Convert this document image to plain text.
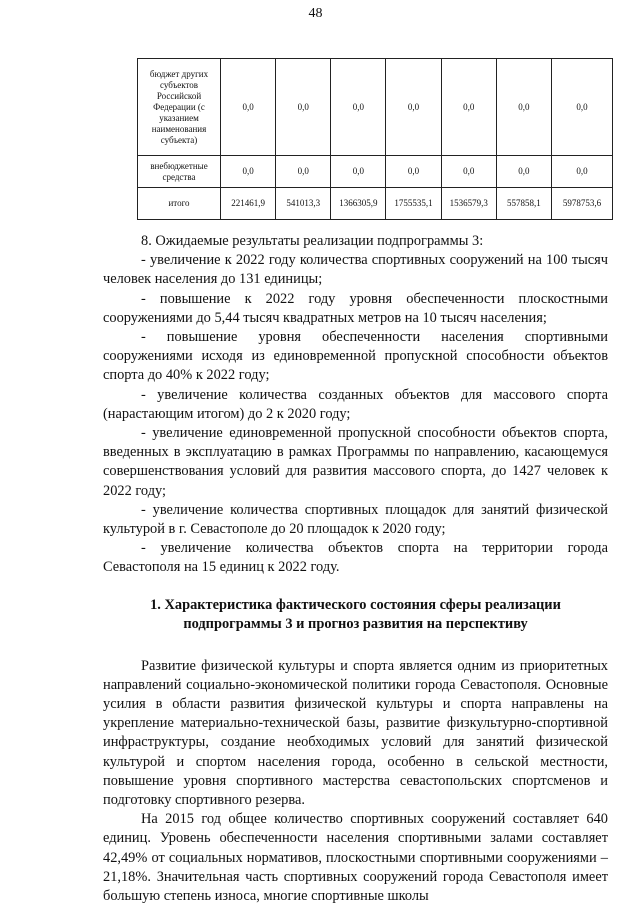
48
бюджет других субъектов Российской Федерации (с указанием наименования субъекта)	0,0	0,0	0,0	0,0	0,0	0,0	0,0
внебюджетные средства	0,0	0,0	0,0	0,0	0,0	0,0	0,0
итого	221461,9	541013,3	1366305,9	1755535,1	1536579,3	557858,1	5978753,6

8. Ожидаемые результаты реализации подпрограммы 3:

- увеличение к 2022 году количества спортивных сооружений на 100 тысяч человек населения до 131 единицы;

- повышение к 2022 году уровня обеспеченности плоскостными сооружениями до 5,44 тысяч квадратных метров на 10 тысяч населения;

- повышение уровня обеспеченности населения спортивными сооружениями исходя из единовременной пропускной способности объектов спорта до 40% к 2022 году;

- увеличение количества созданных объектов для массового спорта (нарастающим итогом) до 2 к 2020 году;

- увеличение единовременной пропускной способности объектов спорта, введенных в эксплуатацию в рамках Программы по направлению, касающемуся совершенствования условий для развития массового спорта, до 1427 человек к 2022 году;

- увеличение количества спортивных площадок для занятий физической культурой в г. Севастополе до 20 площадок к 2020 году;

- увеличение количества объектов спорта на территории города Севастополя на 15 единиц к 2022 году.

1. Характеристика фактического состояния сферы реализации подпрограммы 3 и прогноз развития на перспективу

Развитие физической культуры и спорта является одним из приоритетных направлений социально-экономической политики города Севастополя. Основные усилия в области развития физической культуры и спорта направлены на укрепление материально-технической базы, развитие физкультурно-спортивной инфраструктуры, создание необходимых условий для занятий физической культурой и спортом населения города, особенно в сельской местности, повышение уровня спортивного мастерства севастопольских спортсменов и подготовку спортивного резерва.

На 2015 год общее количество спортивных сооружений составляет 640 единиц. Уровень обеспеченности населения спортивными залами составляет 42,49% от социальных нормативов, плоскостными спортивными сооружениями – 21,18%. Значительная часть спортивных сооружений города Севастополя имеет большую степень износа, многие спортивные школы
